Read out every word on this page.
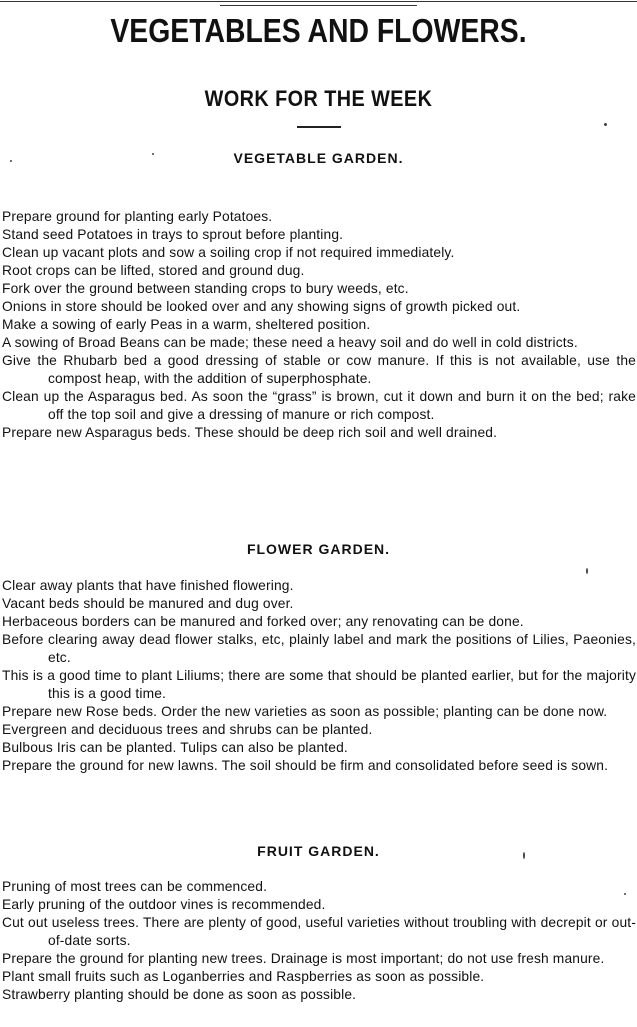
VEGETABLES AND FLOWERS.
WORK FOR THE WEEK
VEGETABLE GARDEN.
Prepare ground for planting early Potatoes.
Stand seed Potatoes in trays to sprout before planting.
Clean up vacant plots and sow a soiling crop if not required immediately.
Root crops can be lifted, stored and ground dug.
Fork over the ground between standing crops to bury weeds, etc.
Onions in store should be looked over and any showing signs of growth picked out.
Make a sowing of early Peas in a warm, sheltered position.
A sowing of Broad Beans can be made; these need a heavy soil and do well in cold districts.
Give the Rhubarb bed a good dressing of stable or cow manure. If this is not available, use the compost heap, with the addition of superphosphate.
Clean up the Asparagus bed. As soon the “grass” is brown, cut it down and burn it on the bed; rake off the top soil and give a dressing of manure or rich compost.
Prepare new Asparagus beds. These should be deep rich soil and well drained.
FLOWER GARDEN.
Clear away plants that have finished flowering.
Vacant beds should be manured and dug over.
Herbaceous borders can be manured and forked over; any renovating can be done.
Before clearing away dead flower stalks, etc, plainly label and mark the positions of Lilies, Paeonies, etc.
This is a good time to plant Liliums; there are some that should be planted earlier, but for the majority this is a good time.
Prepare new Rose beds. Order the new varieties as soon as possible; planting can be done now.
Evergreen and deciduous trees and shrubs can be planted.
Bulbous Iris can be planted. Tulips can also be planted.
Prepare the ground for new lawns. The soil should be firm and consolidated before seed is sown.
FRUIT GARDEN.
Pruning of most trees can be commenced.
Early pruning of the outdoor vines is recommended.
Cut out useless trees. There are plenty of good, useful varieties without troubling with decrepit or out-of-date sorts.
Prepare the ground for planting new trees. Drainage is most important; do not use fresh manure.
Plant small fruits such as Loganberries and Raspberries as soon as possible.
Strawberry planting should be done as soon as possible.
